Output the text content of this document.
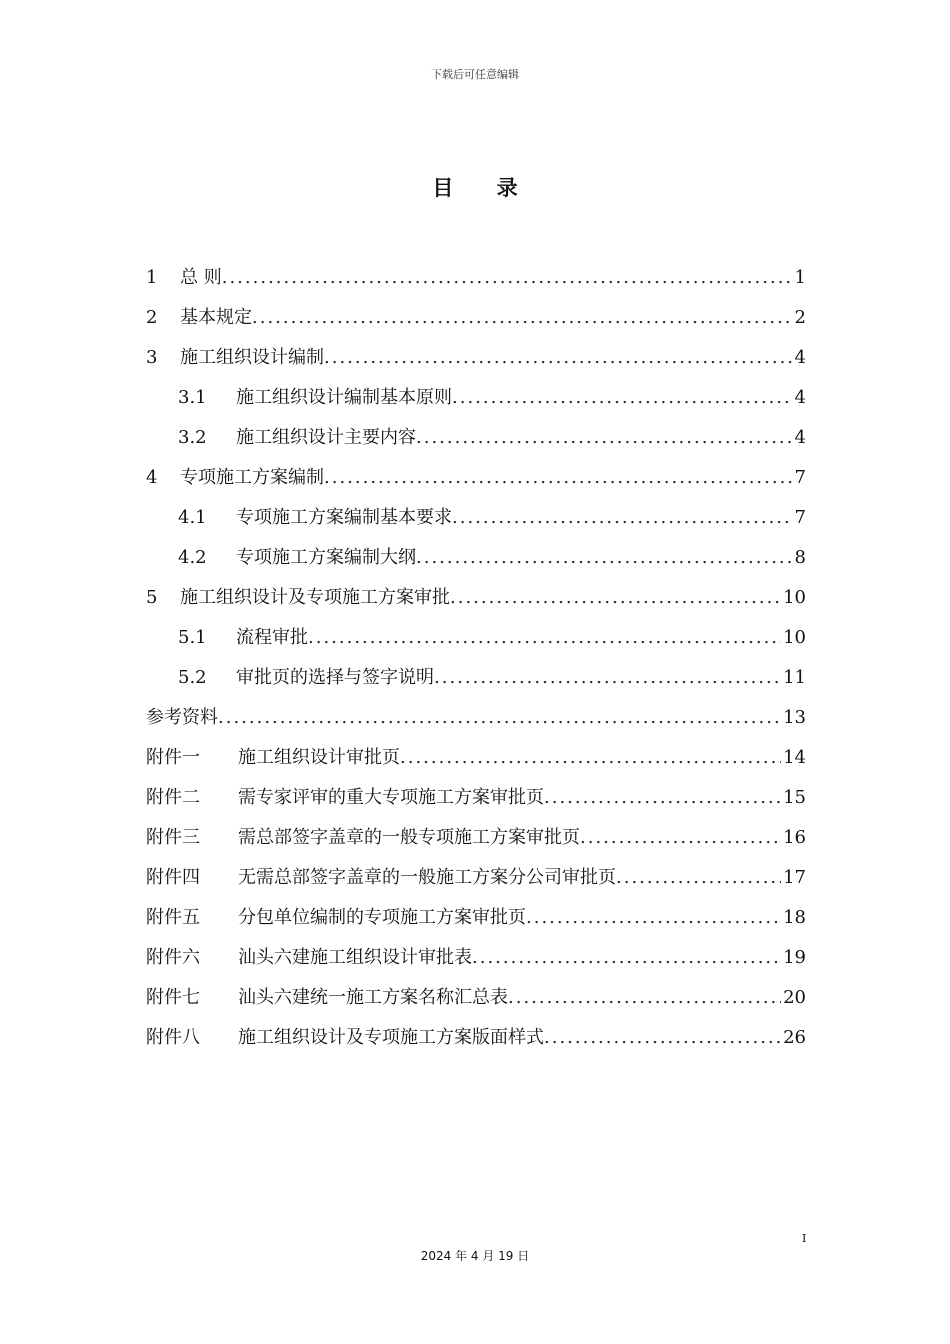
下载后可任意编辑
目 录
1	总 则 .....	1
2	基本规定 .....	2
3	施工组织设计编制 .....	4
3.1	施工组织设计编制基本原则 .....	4
3.2	施工组织设计主要内容 .....	4
4	专项施工方案编制 .....	7
4.1	专项施工方案编制基本要求 .....	7
4.2	专项施工方案编制大纲 .....	8
5	施工组织设计及专项施工方案审批 .....	10
5.1	流程审批 .....	10
5.2	审批页的选择与签字说明 .....	11
参考资料 .....	13
附件一	施工组织设计审批页 .....	14
附件二	需专家评审的重大专项施工方案审批页 .....	15
附件三	需总部签字盖章的一般专项施工方案审批页 .....	16
附件四	无需总部签字盖章的一般施工方案分公司审批页 .....	17
附件五	分包单位编制的专项施工方案审批页 .....	18
附件六	汕头六建施工组织设计审批表 .....	19
附件七	汕头六建统一施工方案名称汇总表 .....	20
附件八	施工组织设计及专项施工方案版面样式 .....	26
I
2024 年 4 月 19 日
